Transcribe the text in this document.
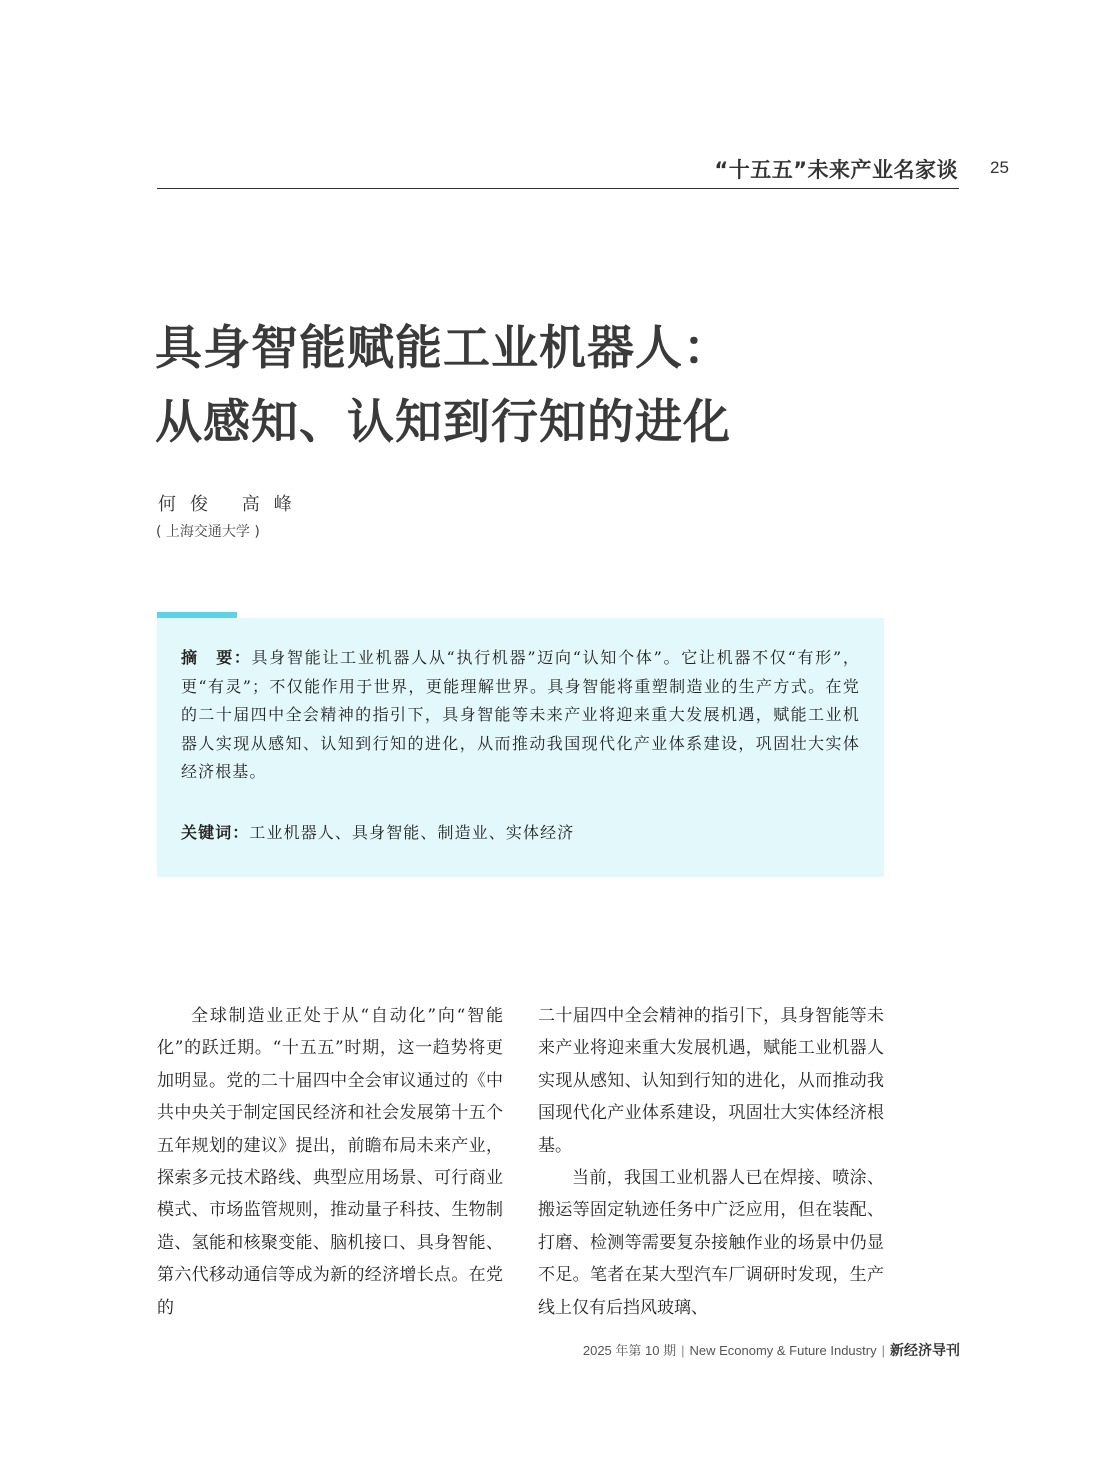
“十五五”未来产业名家谈 25
具身智能赋能工业机器人：
从感知、认知到行知的进化
何俊 高峰
( 上海交通大学 )

摘　要：具身智能让工业机器人从“执行机器”迈向“认知个体”。它让机器不仅“有形”，更“有灵”；不仅能作用于世界，更能理解世界。具身智能将重塑制造业的生产方式。在党的二十届四中全会精神的指引下，具身智能等未来产业将迎来重大发展机遇，赋能工业机器人实现从感知、认知到行知的进化，从而推动我国现代化产业体系建设，巩固壮大实体经济根基。

关键词：工业机器人、具身智能、制造业、实体经济

全球制造业正处于从“自动化”向“智能化”的跃迁期。“十五五”时期，这一趋势将更加明显。党的二十届四中全会审议通过的《中共中央关于制定国民经济和社会发展第十五个五年规划的建议》提出，前瞻布局未来产业，探索多元技术路线、典型应用场景、可行商业模式、市场监管规则，推动量子科技、生物制造、氢能和核聚变能、脑机接口、具身智能、第六代移动通信等成为新的经济增长点。在党的

二十届四中全会精神的指引下，具身智能等未来产业将迎来重大发展机遇，赋能工业机器人实现从感知、认知到行知的进化，从而推动我国现代化产业体系建设，巩固壮大实体经济根基。

当前，我国工业机器人已在焊接、喷涂、搬运等固定轨迹任务中广泛应用，但在装配、打磨、检测等需要复杂接触作业的场景中仍显不足。笔者在某大型汽车厂调研时发现，生产线上仅有后挡风玻璃、

2025 年第 10 期 | New Economy & Future Industry | 新经济导刊
